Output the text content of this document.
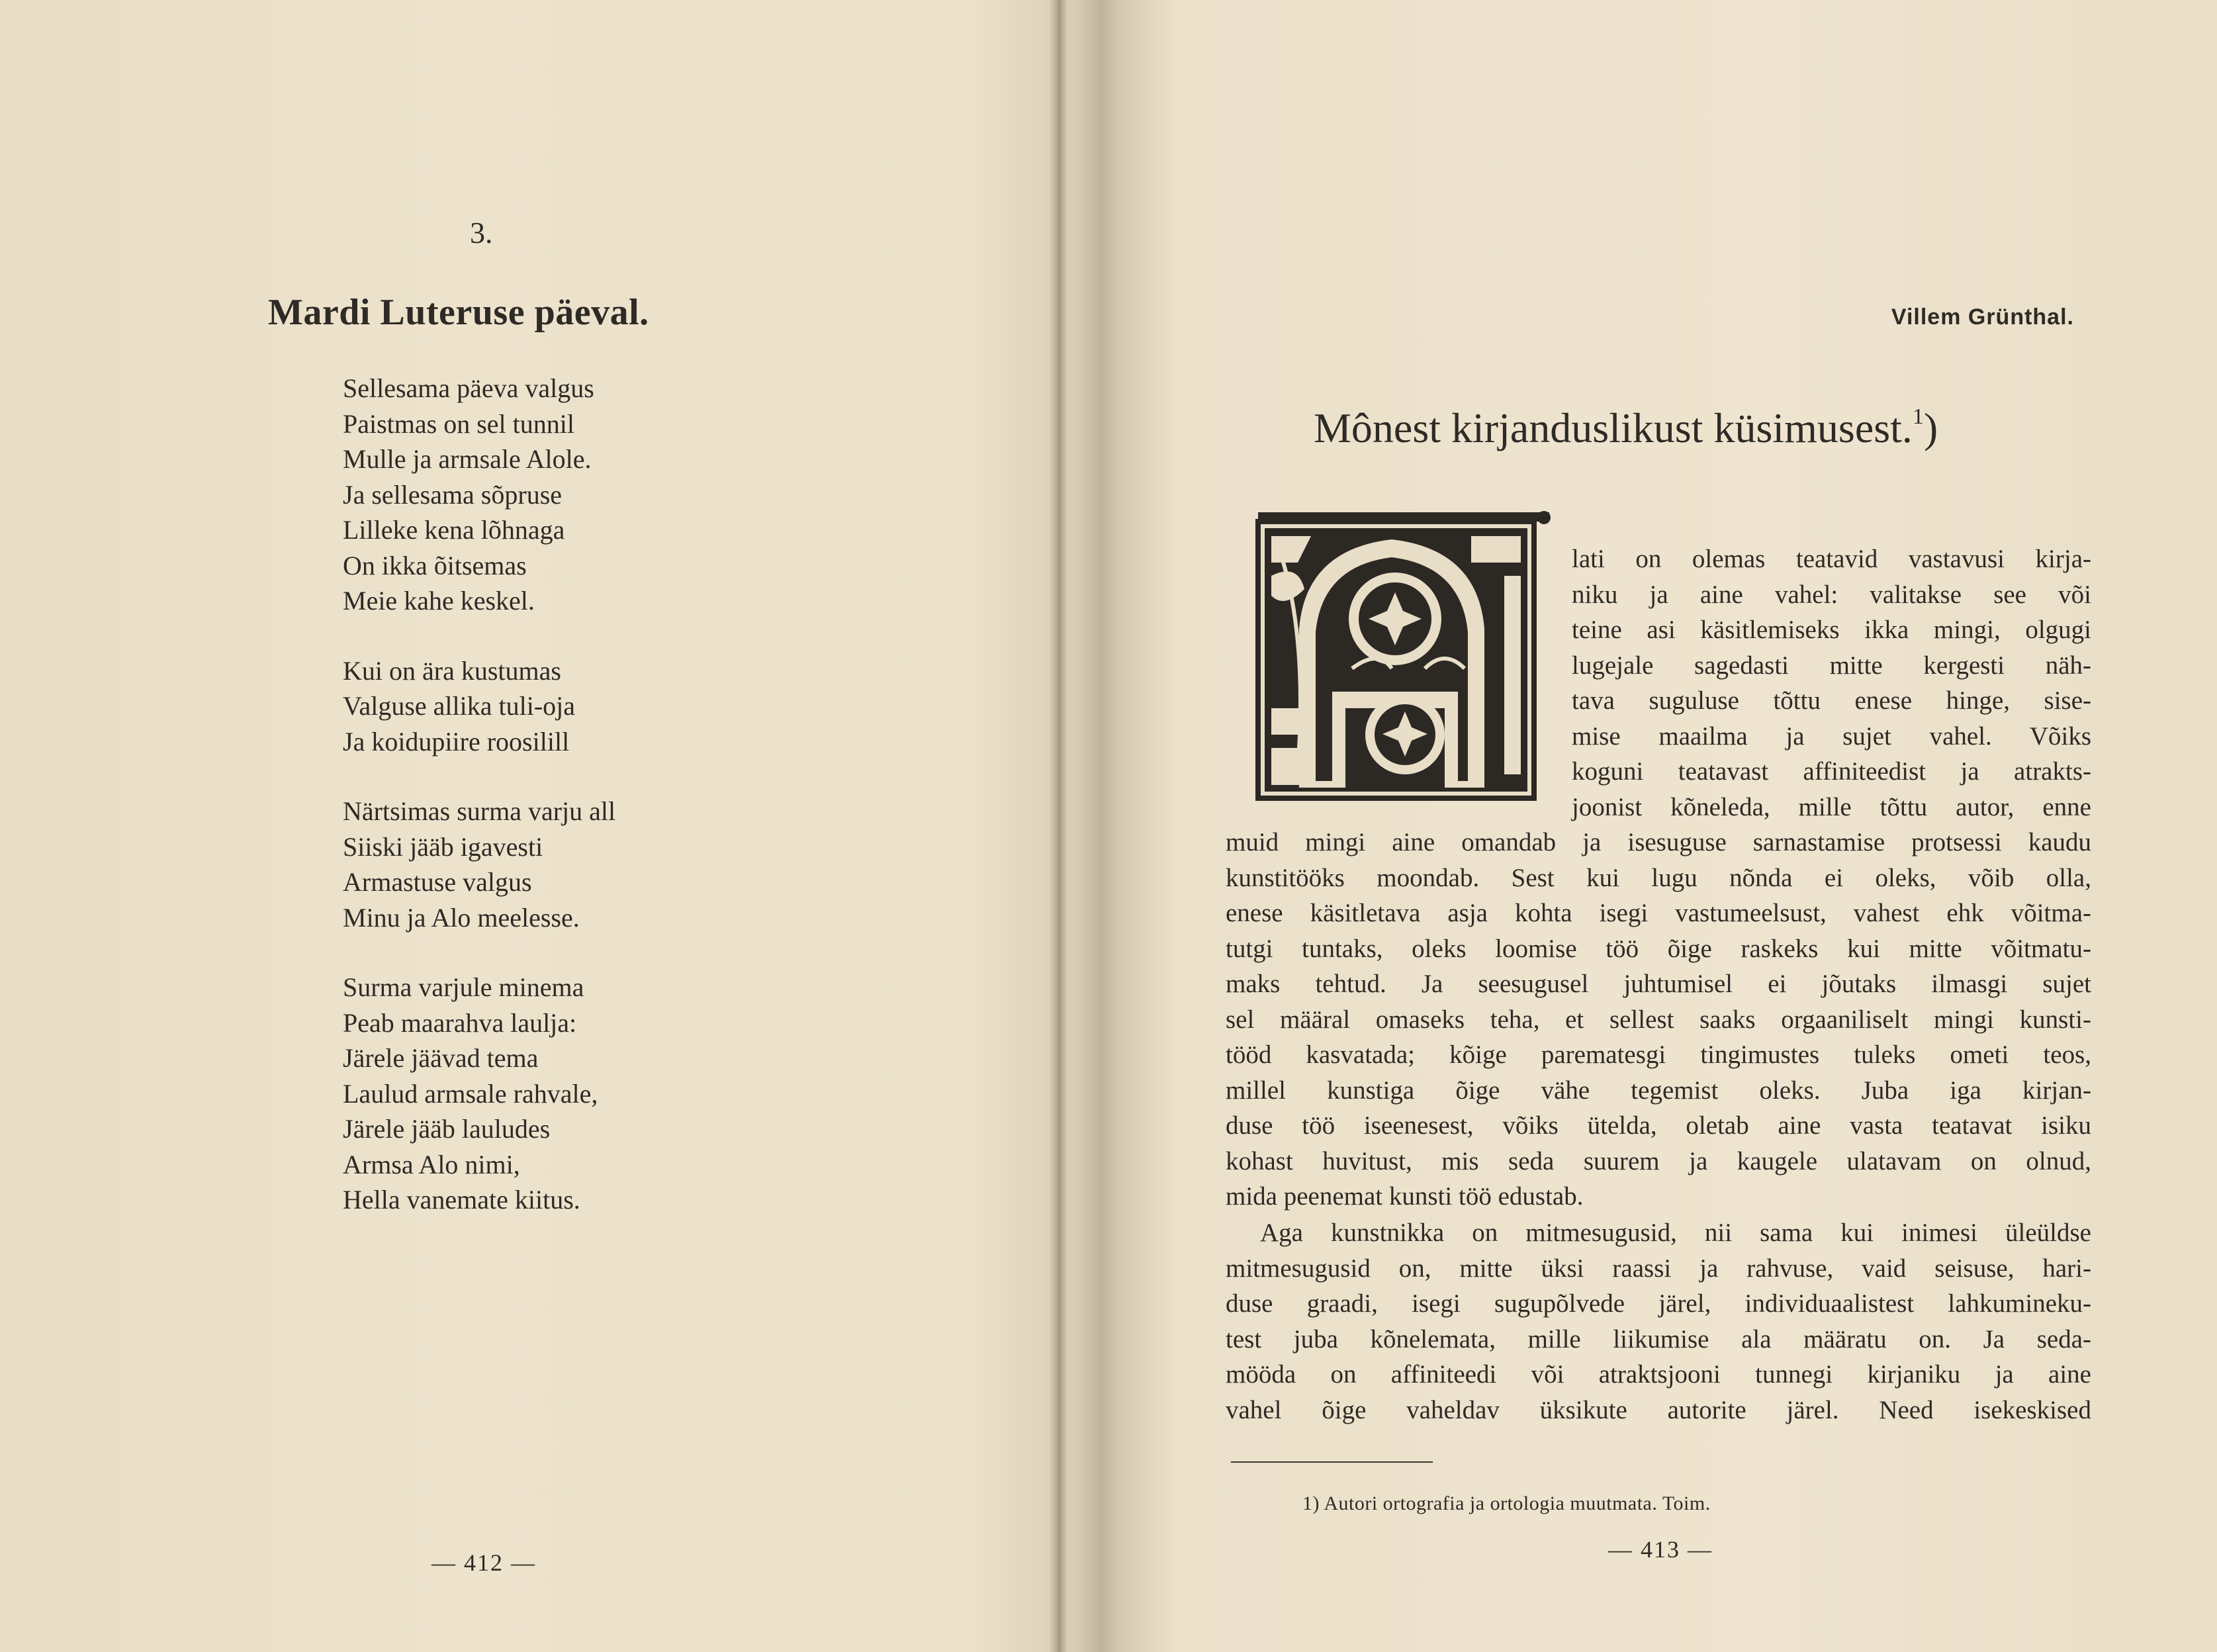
3.
Mardi Luteruse päeval.
Sellesama päeva valgus
Paistmas on sel tunnil
Mulle ja armsale Alole.
Ja sellesama sõpruse
Lilleke kena lõhnaga
On ikka õitsemas
Meie kahe keskel.
Kui on ära kustumas
Valguse allika tuli-oja
Ja koidupiire roosilill
Närtsimas surma varju all
Siiski jääb igavesti
Armastuse valgus
Minu ja Alo meelesse.
Surma varjule minema
Peab maarahva laulja:
Järele jäävad tema
Laulud armsale rahvale,
Järele jääb lauludes
Armsa Alo nimi,
Hella vanemate kiitus.
— 412 —
Villem Grünthal.
Mônest kirjanduslikust küsimusest.$^1$)
lati on olemas teatavid vastavusi kirja-
niku ja aine vahel: valitakse see või
teine asi käsitlemiseks ikka mingi, olgugi
lugejale sagedasti mitte kergesti näh-
tava suguluse tõttu enese hinge, sise-
mise maailma ja sujet vahel. Võiks
koguni teatavast affiniteedist ja atrakts-
joonist kõneleda, mille tõttu autor, enne
muid mingi aine omandab ja isesuguse sarnastamise protsessi kaudu
kunstitööks moondab. Sest kui lugu nõnda ei oleks, võib olla,
enese käsitletava asja kohta isegi vastumeelsust, vahest ehk võitma-
tutgi tuntaks, oleks loomise töö õige raskeks kui mitte võitmatu-
maks tehtud. Ja seesugusel juhtumisel ei jõutaks ilmasgi sujet
sel määral omaseks teha, et sellest saaks orgaaniliselt mingi kunsti-
tööd kasvatada; kõige parematesgi tingimustes tuleks ometi teos,
millel kunstiga õige vähe tegemist oleks. Juba iga kirjan-
duse töö iseenesest, võiks ütelda, oletab aine vasta teatavat isiku
kohast huvitust, mis seda suurem ja kaugele ulatavam on olnud,
mida peenemat kunsti töö edustab.
Aga kunstnikka on mitmesugusid, nii sama kui inimesi üleüldse
mitmesugusid on, mitte üksi raassi ja rahvuse, vaid seisuse, hari-
duse graadi, isegi sugupõlvede järel, individuaalistest lahkumineku-
test juba kõnelemata, mille liikumise ala määratu on. Ja seda-
mööda on affiniteedi või atraktsjooni tunnegi kirjaniku ja aine
vahel õige vaheldav üksikute autorite järel. Need isekeskised
1) Autori ortografia ja ortologia muutmata. Toim.
— 413 —
